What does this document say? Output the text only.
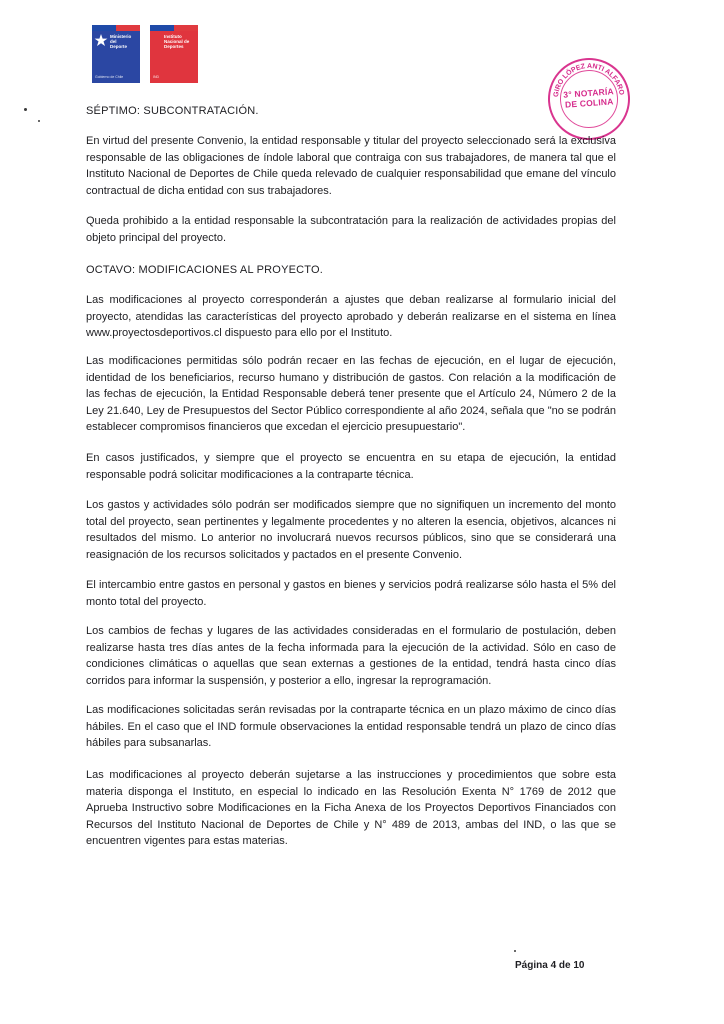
Ministerio del
Deporte
Gobierno de Chile
Instituto
Nacional de
Deportes
IND
GIRO LÓPEZ ANTI ALFARO
3° NOTARÍA
DE COLINA
SÉPTIMO: SUBCONTRATACIÓN.
En virtud del presente Convenio, la entidad responsable y titular del proyecto seleccionado será la exclusiva responsable de las obligaciones de índole laboral que contraiga con sus trabajadores, de manera tal que el Instituto Nacional de Deportes de Chile queda relevado de cualquier responsabilidad que emane del vínculo contractual de dicha entidad con sus trabajadores.
Queda prohibido a la entidad responsable la subcontratación para la realización de actividades propias del objeto principal del proyecto.
OCTAVO: MODIFICACIONES AL PROYECTO.
Las modificaciones al proyecto corresponderán a ajustes que deban realizarse al formulario inicial del proyecto, atendidas las características del proyecto aprobado y deberán realizarse en el sistema en línea www.proyectosdeportivos.cl dispuesto para ello por el Instituto.
Las modificaciones permitidas sólo podrán recaer en las fechas de ejecución, en el lugar de ejecución, identidad de los beneficiarios, recurso humano y distribución de gastos. Con relación a la modificación de las fechas de ejecución, la Entidad Responsable deberá tener presente que el Artículo 24, Número 2 de la Ley 21.640, Ley de Presupuestos del Sector Público correspondiente al año 2024, señala que "no se podrán establecer compromisos financieros que excedan el ejercicio presupuestario".
En casos justificados, y siempre que el proyecto se encuentra en su etapa de ejecución, la entidad responsable podrá solicitar modificaciones a la contraparte técnica.
Los gastos y actividades sólo podrán ser modificados siempre que no signifiquen un incremento del monto total del proyecto, sean pertinentes y legalmente procedentes y no alteren la esencia, objetivos, alcances ni resultados del mismo. Lo anterior no involucrará nuevos recursos públicos, sino que se considerará una reasignación de los recursos solicitados y pactados en el presente Convenio.
El intercambio entre gastos en personal y gastos en bienes y servicios podrá realizarse sólo hasta el 5% del monto total del proyecto.
Los cambios de fechas y lugares de las actividades consideradas en el formulario de postulación, deben realizarse hasta tres días antes de la fecha informada para la ejecución de la actividad. Sólo en caso de condiciones climáticas o aquellas que sean externas a gestiones de la entidad, tendrá hasta cinco días corridos para informar la suspensión, y posterior a ello, ingresar la reprogramación.
Las modificaciones solicitadas serán revisadas por la contraparte técnica en un plazo máximo de cinco días hábiles. En el caso que el IND formule observaciones la entidad responsable tendrá un plazo de cinco días hábiles para subsanarlas.
Las modificaciones al proyecto deberán sujetarse a las instrucciones y procedimientos que sobre esta materia disponga el Instituto, en especial lo indicado en las Resolución Exenta N° 1769 de 2012 que Aprueba Instructivo sobre Modificaciones en la Ficha Anexa de los Proyectos Deportivos Financiados con Recursos del Instituto Nacional de Deportes de Chile y N° 489 de 2013, ambas del IND, o las que se encuentren vigentes para estas materias.
Página 4 de 10
